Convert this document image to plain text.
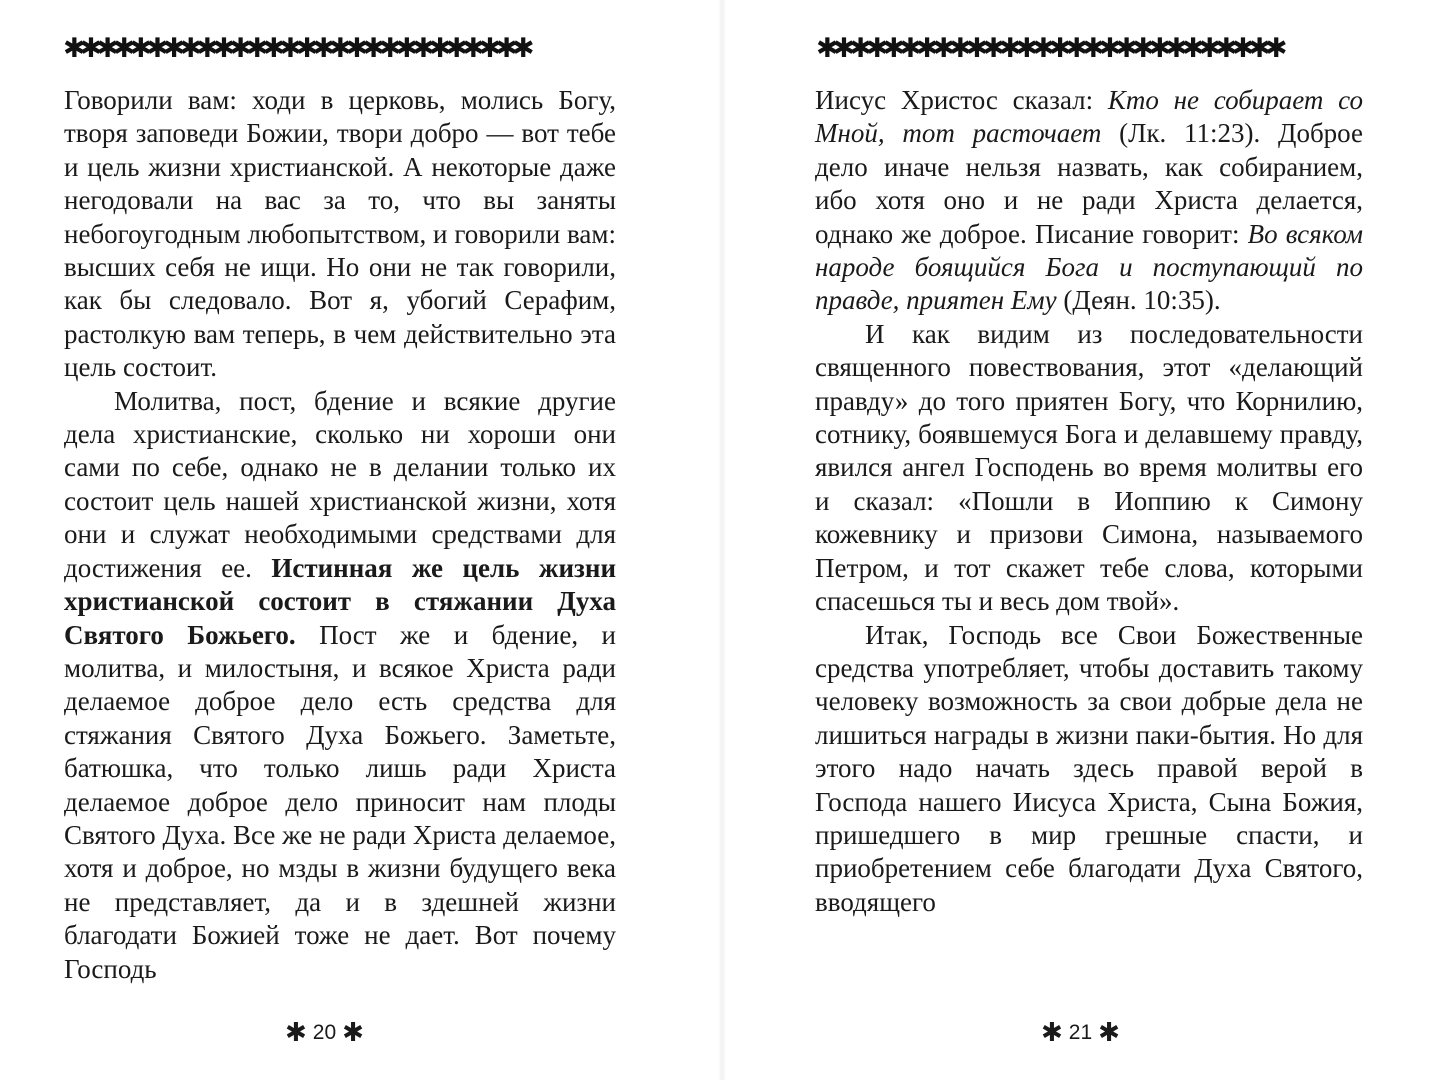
✱✱✱✱✱✱✱✱✱✱✱✱✱✱✱✱✱✱✱✱✱✱✱✱✱✱✱✱

Говорили вам: ходи в церковь, молись Богу, творя заповеди Божии, твори добро — вот тебе и цель жизни христианской. А некоторые даже негодовали на вас за то, что вы заняты небогоугодным любопытством, и говорили вам: высших себя не ищи. Но они не так говорили, как бы следовало. Вот я, убогий Серафим, растолкую вам теперь, в чем действительно эта цель состоит.

Молитва, пост, бдение и всякие другие дела христианские, сколько ни хороши они сами по себе, однако не в делании только их состоит цель нашей христианской жизни, хотя они и служат необходимыми средствами для достижения ее. Истинная же цель жизни христианской состоит в стяжании Духа Святого Божьего. Пост же и бдение, и молитва, и милостыня, и всякое Христа ради делаемое доброе дело есть средства для стяжания Святого Духа Божьего. Заметьте, батюшка, что только лишь ради Христа делаемое доброе дело приносит нам плоды Святого Духа. Все же не ради Христа делаемое, хотя и доброе, но мзды в жизни будущего века не представляет, да и в здешней жизни благодати Божией тоже не дает. Вот почему Господь

✱ 20 ✱
✱✱✱✱✱✱✱✱✱✱✱✱✱✱✱✱✱✱✱✱✱✱✱✱✱✱✱✱

Иисус Христос сказал: Кто не собирает со Мной, тот расточает (Лк. 11:23). Доброе дело иначе нельзя назвать, как собиранием, ибо хотя оно и не ради Христа делается, однако же доброе. Писание говорит: Во всяком народе боящийся Бога и поступающий по правде, приятен Ему (Деян. 10:35).

И как видим из последовательности священного повествования, этот «делающий правду» до того приятен Богу, что Корнилию, сотнику, боявшемуся Бога и делавшему правду, явился ангел Господень во время молитвы его и сказал: «Пошли в Иоппию к Симону кожевнику и призови Симона, называемого Петром, и тот скажет тебе слова, которыми спасешься ты и весь дом твой».

Итак, Господь все Свои Божественные средства употребляет, чтобы доставить такому человеку возможность за свои добрые дела не лишиться награды в жизни паки-бытия. Но для этого надо начать здесь правой верой в Господа нашего Иисуса Христа, Сына Божия, пришедшего в мир грешные спасти, и приобретением себе благодати Духа Святого, вводящего

✱ 21 ✱
